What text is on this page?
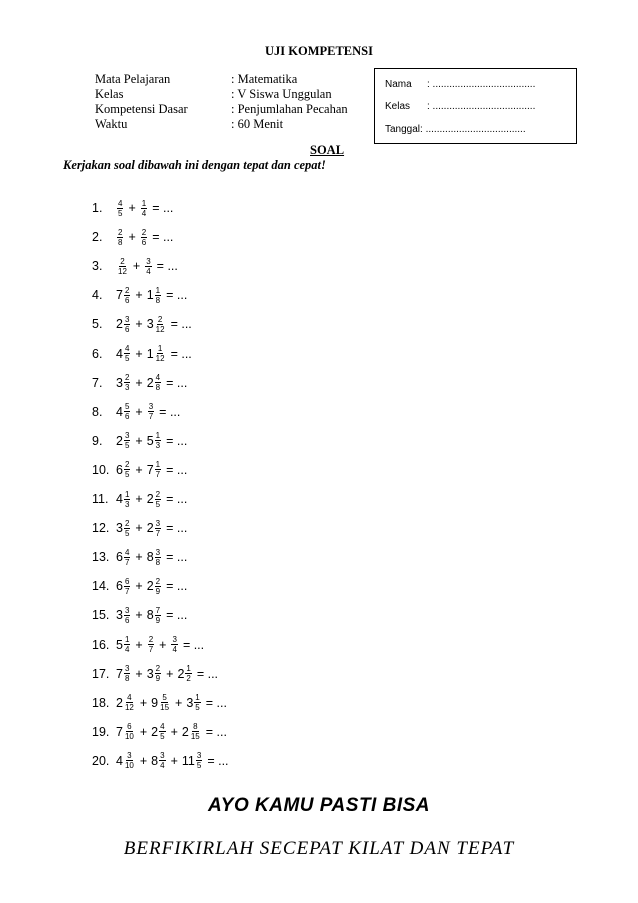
UJI KOMPETENSI
Mata Pelajaran	: Matematika
Kelas	: V Siswa Unggulan
Kompetensi Dasar	: Penjumlahan Pecahan
Waktu	: 60 Menit
Nama : .....................................
Kelas : .....................................
Tanggal: ....................................
SOAL
Kerjakan soal dibawah ini dengan tepat dan cepat!
1.	$\frac{4}{5} + \frac{1}{4}$ = ...
2.	$\frac{2}{8} + \frac{2}{6}$ = ...
3.	$\frac{2}{12} + \frac{3}{4}$ = ...
4.	$7 \frac{2}{6} + 1 \frac{1}{8}$ = ...
5.	$2 \frac{3}{6} + 3 \frac{2}{12}$ = ...
6.	$4 \frac{4}{5} + 1 \frac{1}{12}$ = ...
7.	$3 \frac{2}{3} + 2 \frac{4}{8}$ = ...
8.	$4 \frac{5}{6} + \frac{3}{7}$ = ...
9.	$2 \frac{3}{5} + 5 \frac{1}{3}$ = ...
10. $6 \frac{2}{5} + 7 \frac{1}{7}$ = ...
11. $4 \frac{1}{3} + 2 \frac{2}{5}$ = ...
12. $3 \frac{2}{5} + 2 \frac{3}{7}$ = ...
13. $6 \frac{4}{7} + 8 \frac{3}{8}$ = ...
14. $6 \frac{6}{7} + 2 \frac{2}{9}$ = ...
15. $3 \frac{3}{6} + 8 \frac{7}{9}$ = ...
16. $5 \frac{1}{4} + \frac{2}{7} + \frac{3}{4}$ = ...
17. $7 \frac{3}{8} + 3 \frac{2}{9} + 2 \frac{1}{2}$ = ...
18. $2 \frac{4}{12} + 9 \frac{5}{15} + 3 \frac{1}{5}$ = ...
19. $7 \frac{6}{10} + 2 \frac{4}{5} + 2 \frac{8}{15}$ = ...
20. $4 \frac{3}{10} + 8 \frac{3}{4} + 11 \frac{3}{5}$ = ...
AYO KAMU PASTI BISA
BERFIKIRLAH SECEPAT KILAT DAN TEPAT
